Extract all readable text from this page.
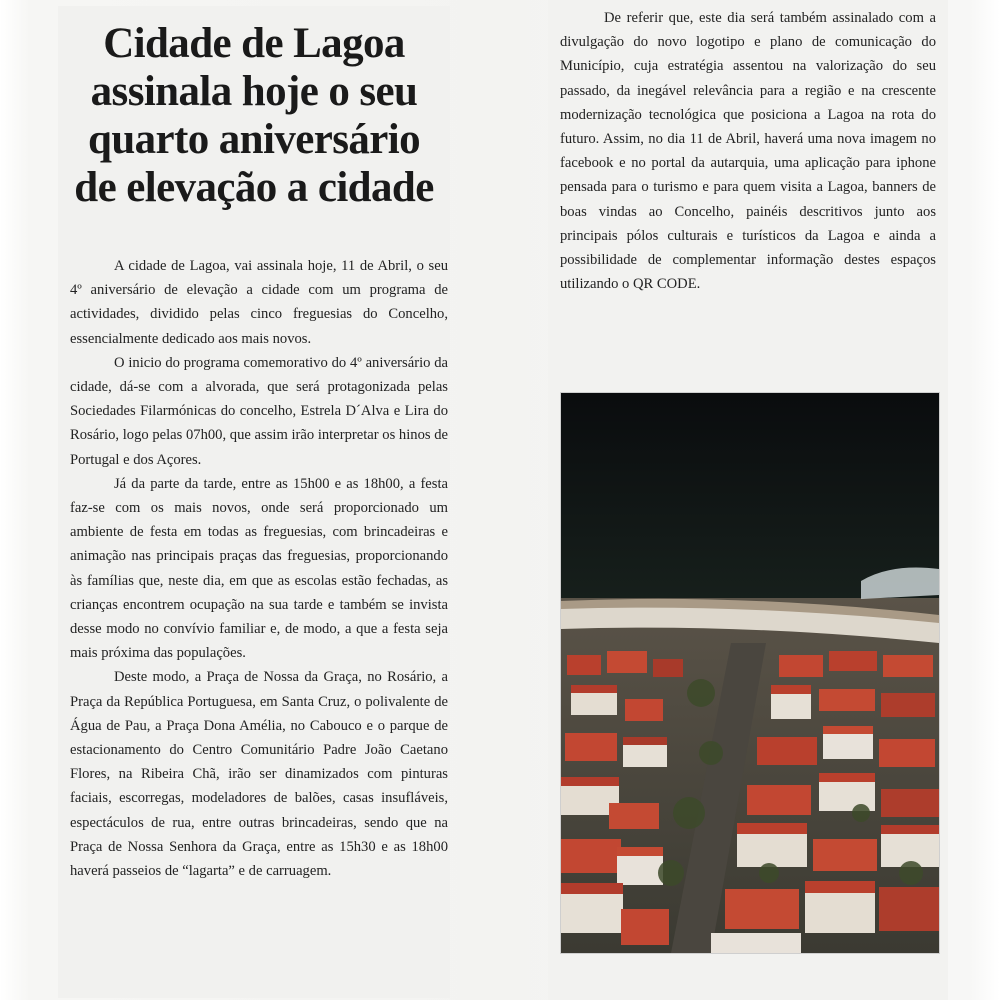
Cidade de Lagoa
assinala hoje o seu
quarto aniversário
de elevação a cidade

A cidade de Lagoa, vai assinala hoje, 11 de Abril, o seu 4º aniversário de elevação a cidade com um programa de actividades, dividido pelas cinco freguesias do Concelho, essencialmente dedicado aos mais novos.

O inicio do programa comemorativo do 4º aniversário da cidade, dá-se com a alvorada, que será protagonizada pelas Sociedades Filarmónicas do concelho, Estrela D´Alva e Lira do Rosário, logo pelas 07h00, que assim irão interpretar os hinos de Portugal e dos Açores.

Já da parte da tarde, entre as 15h00 e as 18h00, a festa faz-se com os mais novos, onde será proporcionado um ambiente de festa em todas as freguesias, com brincadeiras e animação nas principais praças das freguesias, proporcionando às famílias que, neste dia, em que as escolas estão fechadas, as crianças encontrem ocupação na sua tarde e também se invista desse modo no convívio familiar e, de modo, a que a festa seja mais próxima das populações.

Deste modo, a Praça de Nossa da Graça, no Rosário, a Praça da República Portuguesa, em Santa Cruz, o polivalente de Água de Pau, a Praça Dona Amélia, no Cabouco e o parque de estacionamento do Centro Comunitário Padre João Caetano Flores, na Ribeira Chã, irão ser dinamizados com pinturas faciais, escorregas, modeladores de balões, casas insufláveis, espectáculos de rua, entre outras brincadeiras, sendo que na Praça de Nossa Senhora da Graça, entre as 15h30 e as 18h00 haverá passeios de “lagarta” e de carruagem.

De referir que, este dia será também assinalado com a divulgação do novo logotipo e plano de comunicação do Município, cuja estratégia assentou na valorização do seu passado, da inegável relevância para a região e na crescente modernização tecnológica que posiciona a Lagoa na rota do futuro. Assim, no dia 11 de Abril, haverá uma nova imagem no facebook e no portal da autarquia, uma aplicação para iphone pensada para o turismo e para quem visita a Lagoa, banners de boas vindas ao Concelho, painéis descritivos junto aos principais pólos culturais e turísticos da Lagoa e ainda a possibilidade de complementar informação destes espaços utilizando o QR CODE.
